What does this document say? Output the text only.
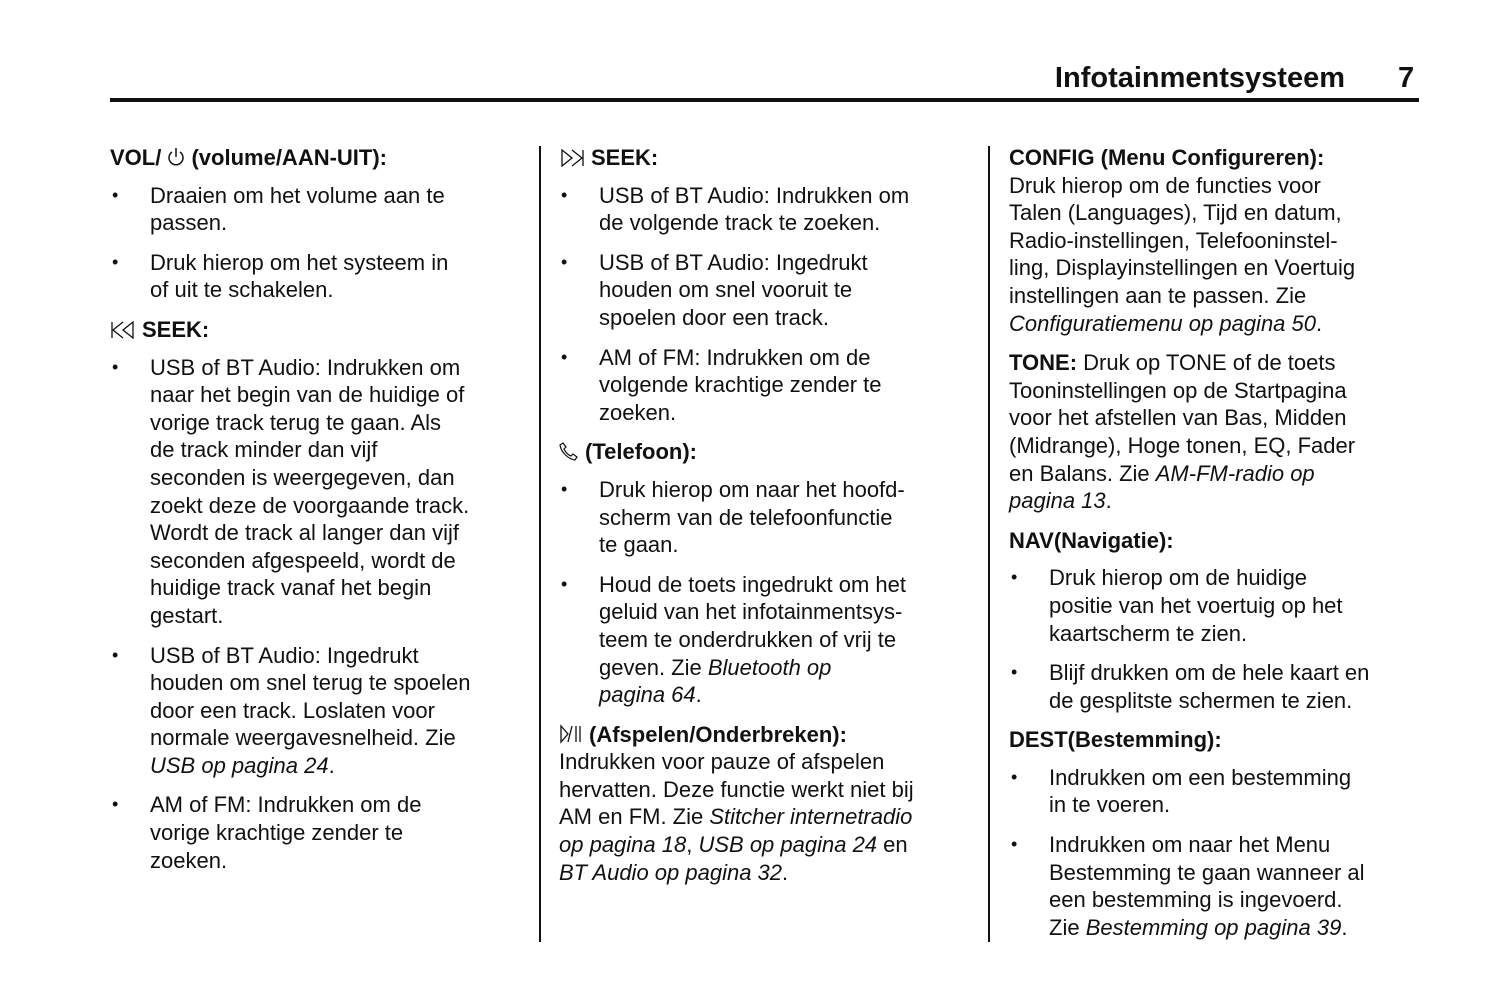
Infotainmentsysteem 7
VOL/ (volume/AAN-UIT):
• Draaien om het volume aan te
passen.
• Druk hierop om het systeem in
of uit te schakelen.
SEEK:
• USB of BT Audio: Indrukken om
naar het begin van de huidige of
vorige track terug te gaan. Als
de track minder dan vijf
seconden is weergegeven, dan
zoekt deze de voorgaande track.
Wordt de track al langer dan vijf
seconden afgespeeld, wordt de
huidige track vanaf het begin
gestart.
• USB of BT Audio: Ingedrukt
houden om snel terug te spoelen
door een track. Loslaten voor
normale weergavesnelheid. Zie
USB op pagina 24.
• AM of FM: Indrukken om de
vorige krachtige zender te
zoeken.
SEEK:
• USB of BT Audio: Indrukken om
de volgende track te zoeken.
• USB of BT Audio: Ingedrukt
houden om snel vooruit te
spoelen door een track.
• AM of FM: Indrukken om de
volgende krachtige zender te
zoeken.
(Telefoon):
• Druk hierop om naar het hoofd-
scherm van de telefoonfunctie
te gaan.
• Houd de toets ingedrukt om het
geluid van het infotainmentsys-
teem te onderdrukken of vrij te
geven. Zie Bluetooth op
pagina 64.
(Afspelen/Onderbreken):
Indrukken voor pauze of afspelen
hervatten. Deze functie werkt niet bij
AM en FM. Zie Stitcher internetradio
op pagina 18, USB op pagina 24 en
BT Audio op pagina 32.
CONFIG (Menu Configureren):
Druk hierop om de functies voor
Talen (Languages), Tijd en datum,
Radio-instellingen, Telefooninstel-
ling, Displayinstellingen en Voertuig
instellingen aan te passen. Zie
Configuratiemenu op pagina 50.
TONE: Druk op TONE of de toets
Tooninstellingen op de Startpagina
voor het afstellen van Bas, Midden
(Midrange), Hoge tonen, EQ, Fader
en Balans. Zie AM-FM-radio op
pagina 13.
NAV(Navigatie):
• Druk hierop om de huidige
positie van het voertuig op het
kaartscherm te zien.
• Blijf drukken om de hele kaart en
de gesplitste schermen te zien.
DEST(Bestemming):
• Indrukken om een bestemming
in te voeren.
• Indrukken om naar het Menu
Bestemming te gaan wanneer al
een bestemming is ingevoerd.
Zie Bestemming op pagina 39.
